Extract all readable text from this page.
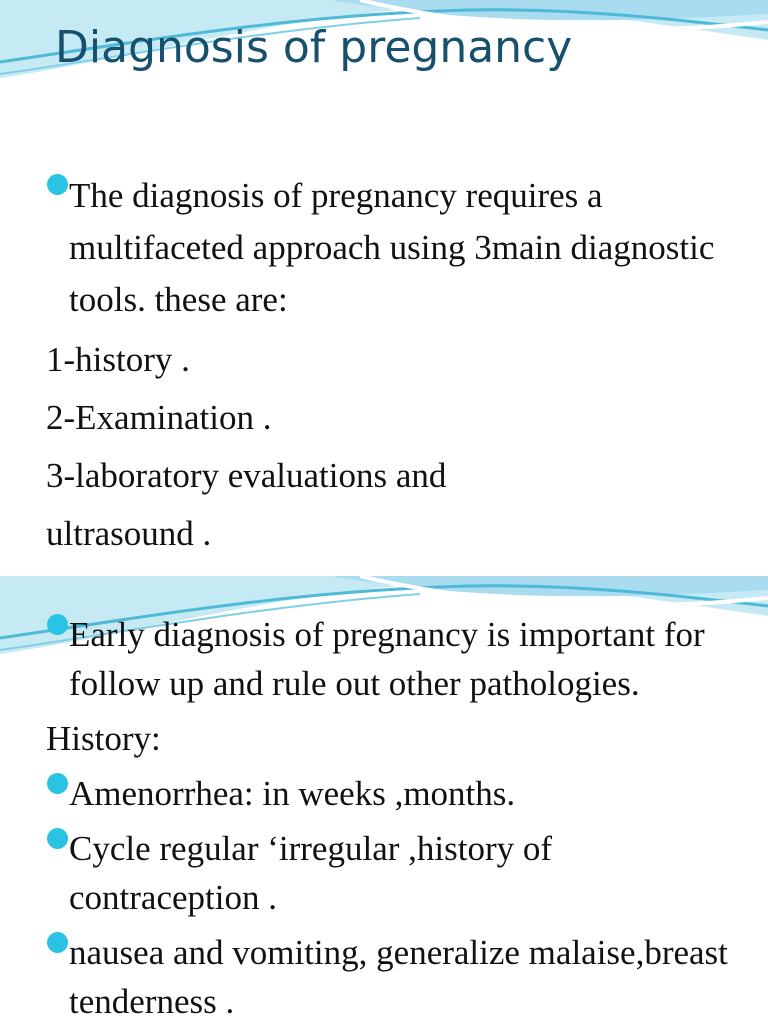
Diagnosis of pregnancy

The diagnosis of pregnancy requires a multifaceted approach using 3main diagnostic tools. these are:

1-history .

2-Examination .

3-laboratory evaluations and

ultrasound .

Early diagnosis of pregnancy is important for follow up and rule out other pathologies.

History:

Amenorrhea: in weeks ,months.

Cycle regular ‘irregular ,history of contraception .

nausea and vomiting, generalize malaise,breast tenderness .
